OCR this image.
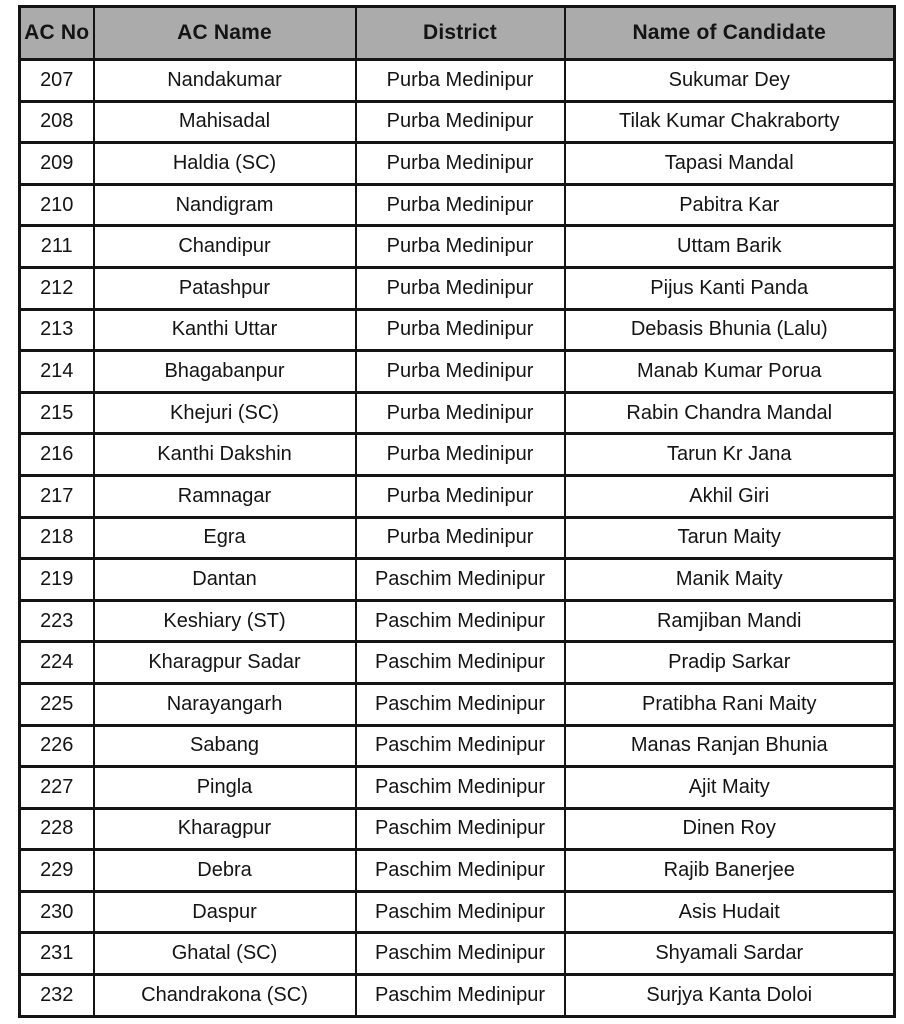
AC No	AC Name	District	Name of Candidate
207	Nandakumar	Purba Medinipur	Sukumar Dey
208	Mahisadal	Purba Medinipur	Tilak Kumar Chakraborty
209	Haldia (SC)	Purba Medinipur	Tapasi Mandal
210	Nandigram	Purba Medinipur	Pabitra Kar
211	Chandipur	Purba Medinipur	Uttam Barik
212	Patashpur	Purba Medinipur	Pijus Kanti Panda
213	Kanthi Uttar	Purba Medinipur	Debasis Bhunia (Lalu)
214	Bhagabanpur	Purba Medinipur	Manab Kumar Porua
215	Khejuri (SC)	Purba Medinipur	Rabin Chandra Mandal
216	Kanthi Dakshin	Purba Medinipur	Tarun Kr Jana
217	Ramnagar	Purba Medinipur	Akhil Giri
218	Egra	Purba Medinipur	Tarun Maity
219	Dantan	Paschim Medinipur	Manik Maity
223	Keshiary (ST)	Paschim Medinipur	Ramjiban Mandi
224	Kharagpur Sadar	Paschim Medinipur	Pradip Sarkar
225	Narayangarh	Paschim Medinipur	Pratibha Rani Maity
226	Sabang	Paschim Medinipur	Manas Ranjan Bhunia
227	Pingla	Paschim Medinipur	Ajit Maity
228	Kharagpur	Paschim Medinipur	Dinen Roy
229	Debra	Paschim Medinipur	Rajib Banerjee
230	Daspur	Paschim Medinipur	Asis Hudait
231	Ghatal (SC)	Paschim Medinipur	Shyamali Sardar
232	Chandrakona (SC)	Paschim Medinipur	Surjya Kanta Doloi
